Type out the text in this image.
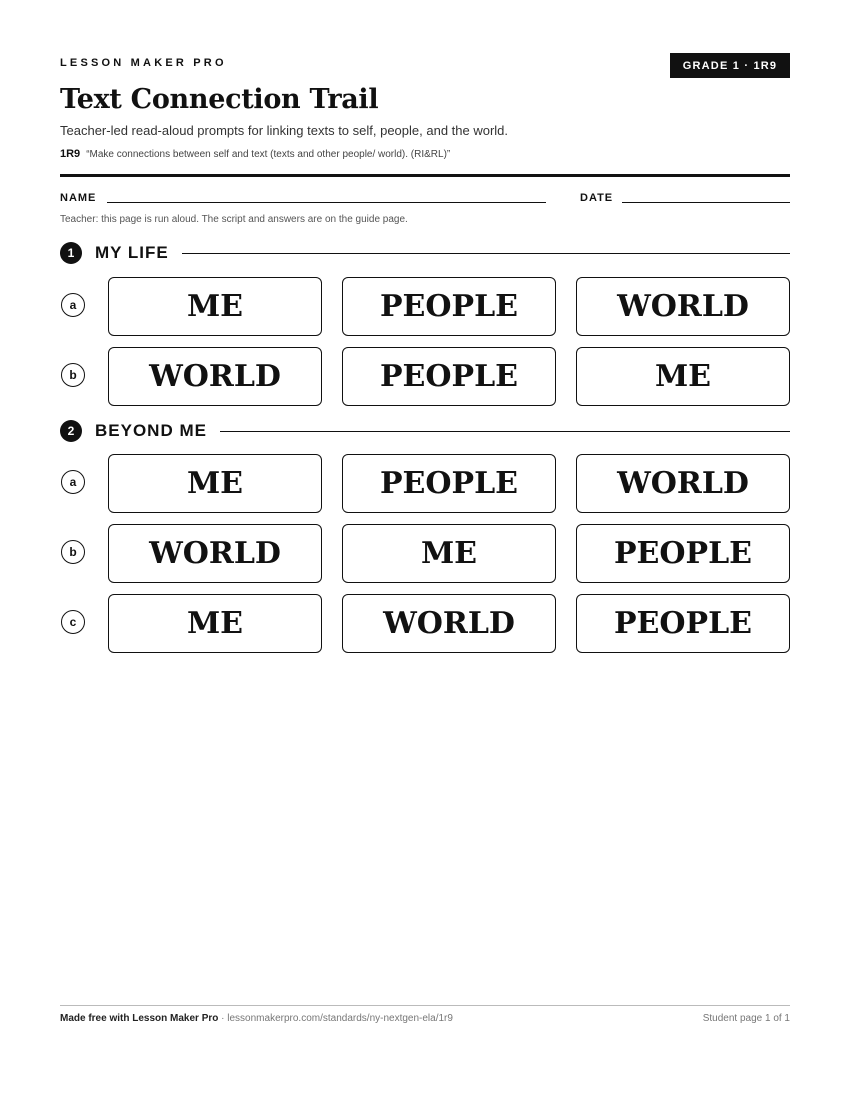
LESSON MAKER PRO	GRADE 1 · 1R9
Text Connection Trail
Teacher-led read-aloud prompts for linking texts to self, people, and the world.
1R9 “Make connections between self and text (texts and other people/ world). (RI&RL)”
NAME	DATE
Teacher: this page is run aloud. The script and answers are on the guide page.
1	MY LIFE
a	ME	PEOPLE	WORLD
b	WORLD	PEOPLE	ME
2	BEYOND ME
a	ME	PEOPLE	WORLD
b	WORLD	ME	PEOPLE
c	ME	WORLD	PEOPLE
Made free with Lesson Maker Pro · lessonmakerpro.com/standards/ny-nextgen-ela/1r9	Student page 1 of 1
